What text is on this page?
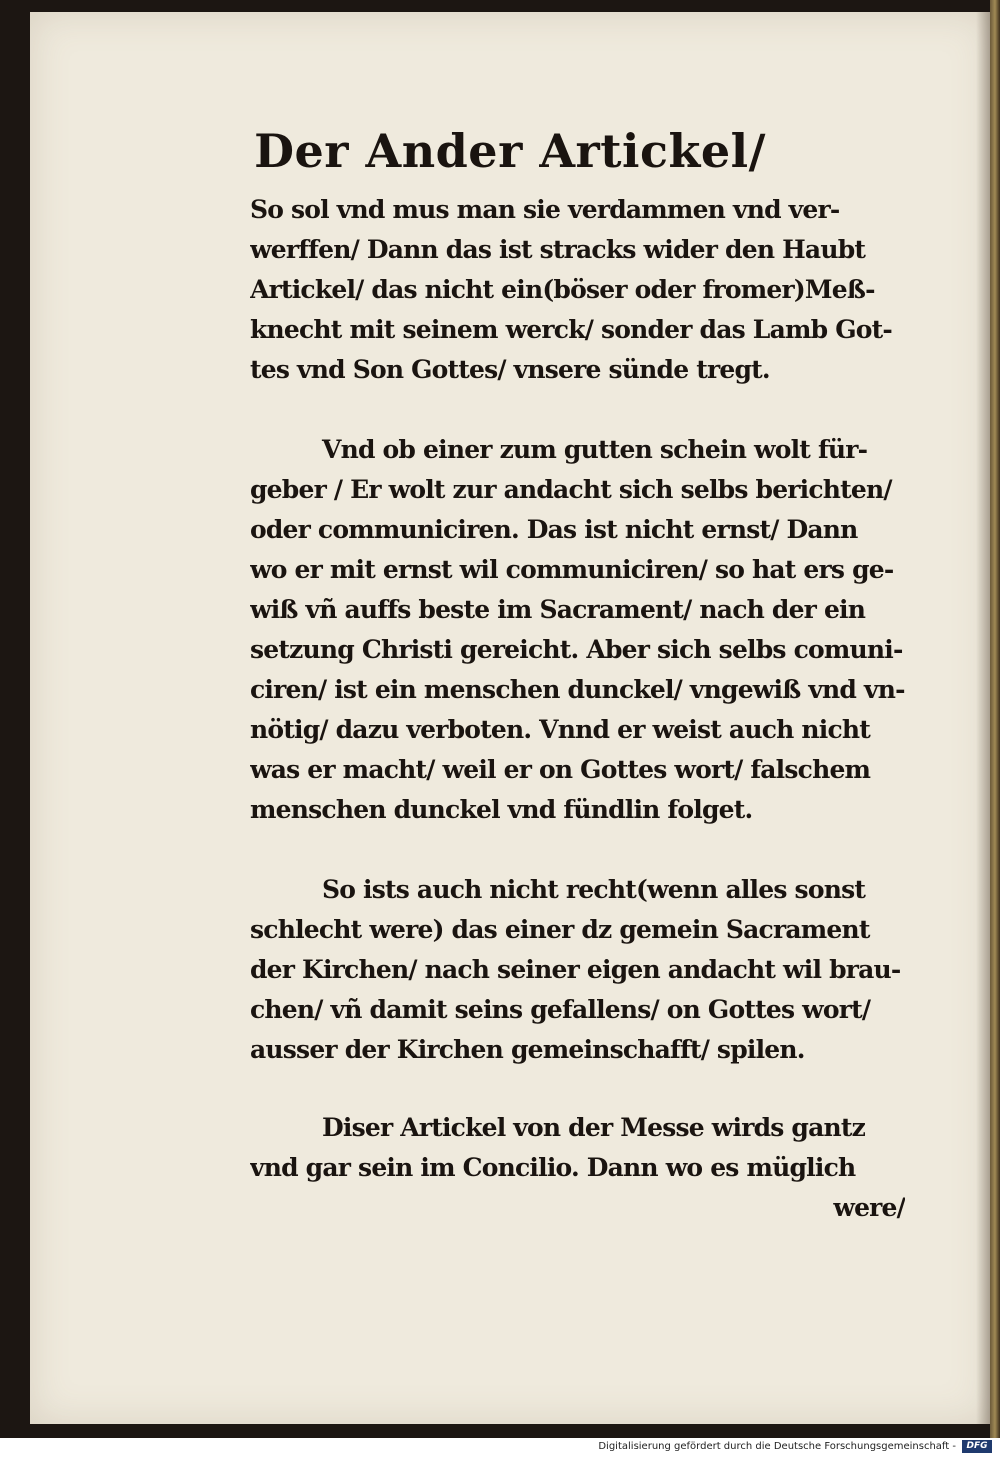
Der Ander Artickel/
So sol vnd mus man sie verdammen vnd ver-
werffen/ Dann das ist stracks wider den Haubt
Artickel/ das nicht ein(böser oder fromer)Meß-
knecht mit seinem werck/ sonder das Lamb Got-
tes vnd Son Gottes/ vnsere sünde tregt.
Vnd ob einer zum gutten schein wolt für-
geber / Er wolt zur andacht sich selbs berichten/
oder communiciren. Das ist nicht ernst/ Dann
wo er mit ernst wil communiciren/ so hat ers ge-
wiß vñ auffs beste im Sacrament/ nach der ein
setzung Christi gereicht. Aber sich selbs comuni-
ciren/ ist ein menschen dunckel/ vngewiß vnd vn-
nötig/ dazu verboten. Vnnd er weist auch nicht
was er macht/ weil er on Gottes wort/ falschem
menschen dunckel vnd fündlin folget.
So ists auch nicht recht(wenn alles sonst
schlecht were) das einer dz gemein Sacrament
der Kirchen/ nach seiner eigen andacht wil brau-
chen/ vñ damit seins gefallens/ on Gottes wort/
ausser der Kirchen gemeinschafft/ spilen.
Diser Artickel von der Messe wirds gantz
vnd gar sein im Concilio. Dann wo es müglich
were/
Digitalisierung gefördert durch die Deutsche Forschungsgemeinschaft -	DFG
